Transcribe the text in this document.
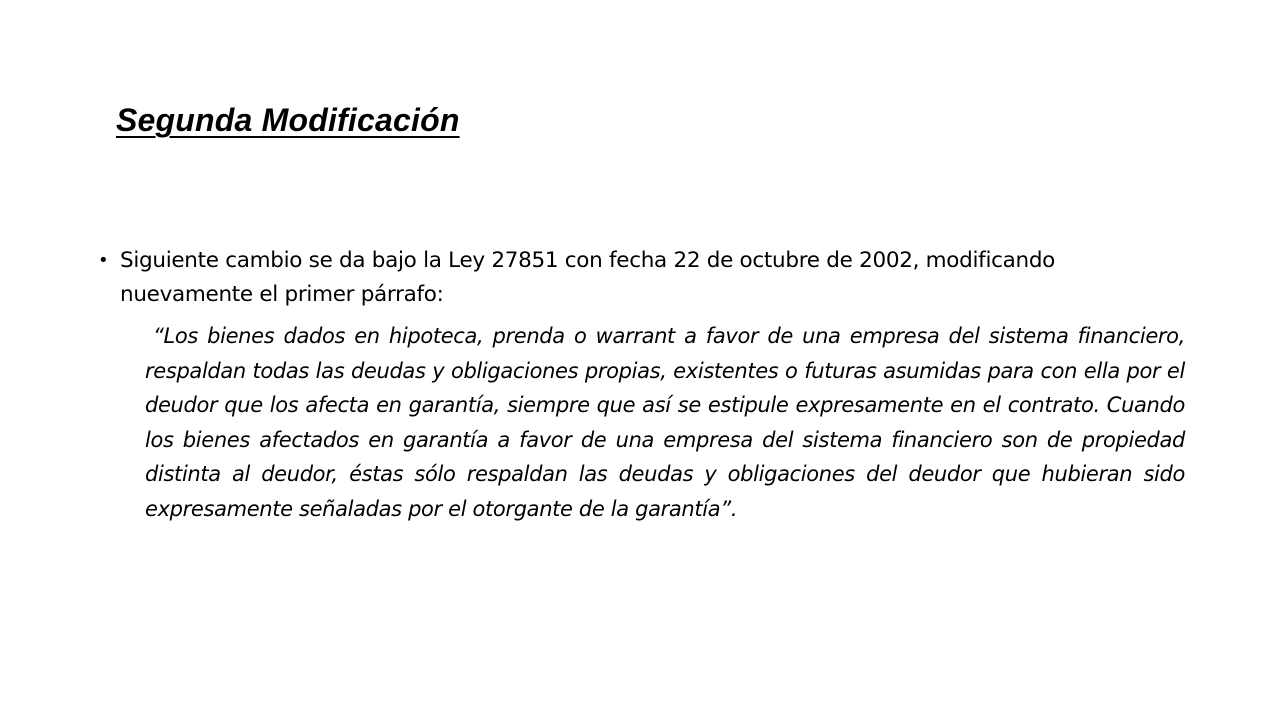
Segunda Modificación
• Siguiente cambio se da bajo la Ley 27851 con fecha 22 de octubre de 2002, modificando nuevamente el primer párrafo:

“Los bienes dados en hipoteca, prenda o warrant a favor de una empresa del sistema financiero, respaldan todas las deudas y obligaciones propias, existentes o futuras asumidas para con ella por el deudor que los afecta en garantía, siempre que así se estipule expresamente en el contrato. Cuando los bienes afectados en garantía a favor de una empresa del sistema financiero son de propiedad distinta al deudor, éstas sólo respaldan las deudas y obligaciones del deudor que hubieran sido expresamente señaladas por el otorgante de la garantía”.
